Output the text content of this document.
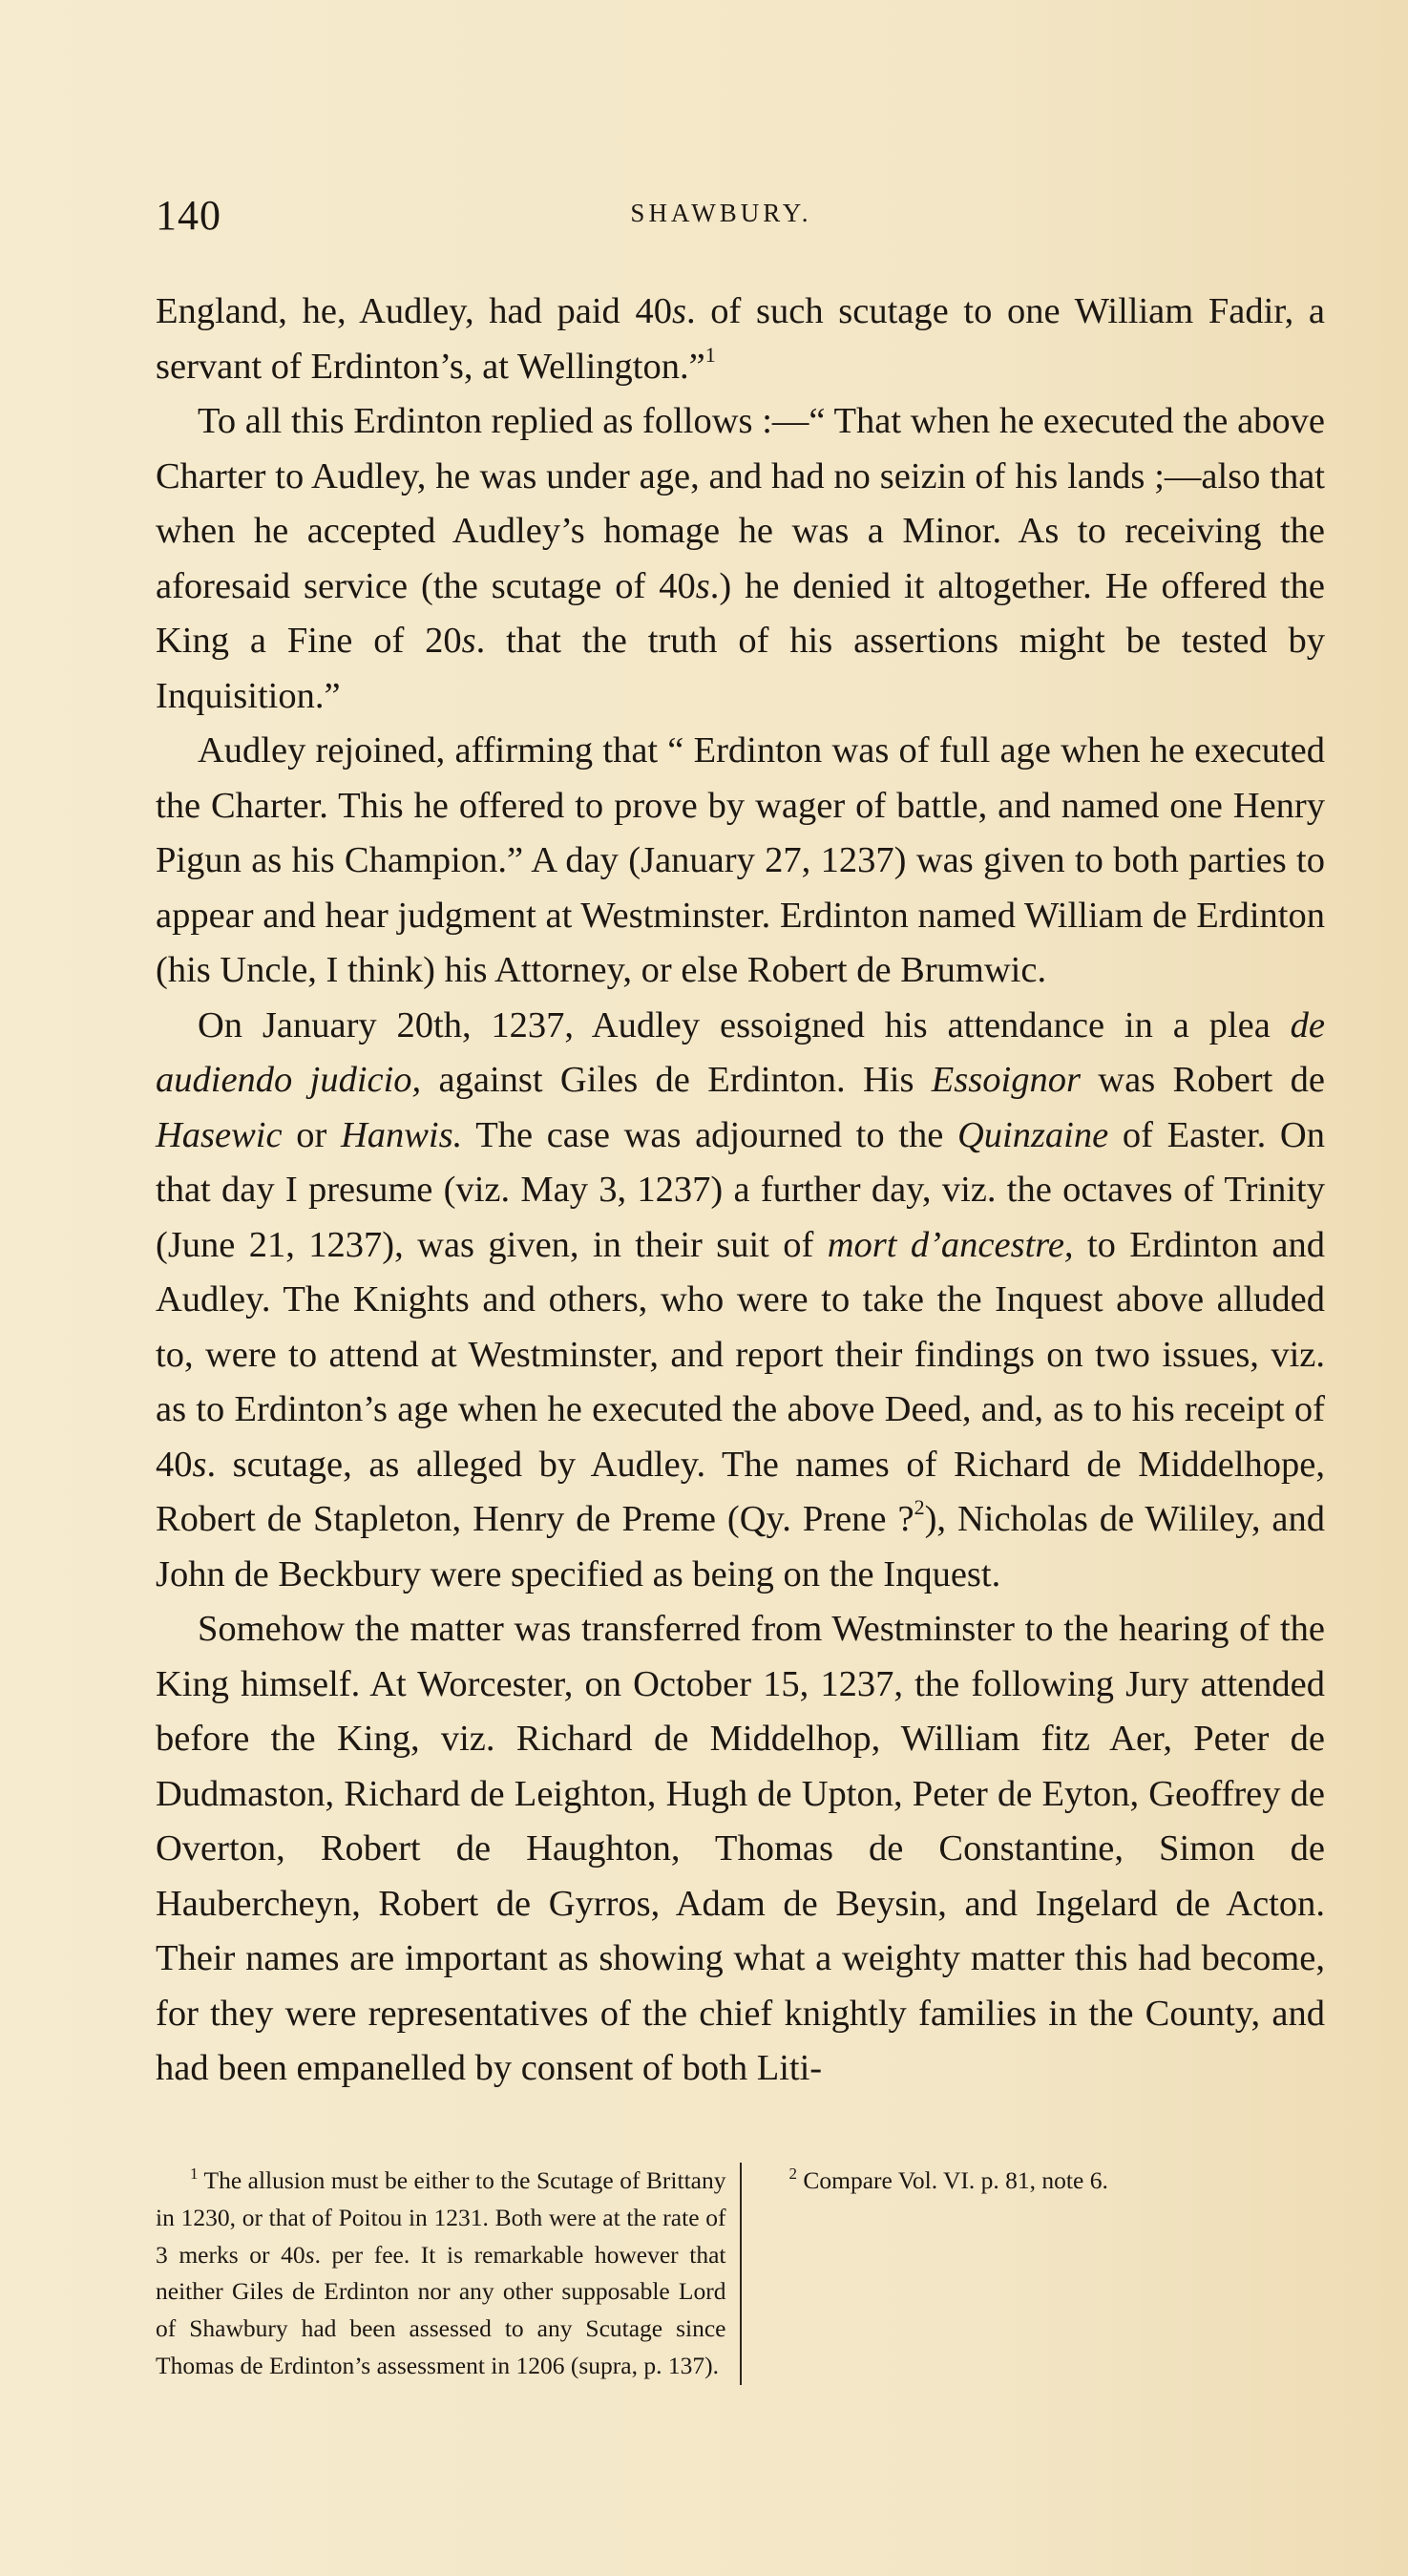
140	SHAWBURY.

England, he, Audley, had paid 40s. of such scutage to one William Fadir, a servant of Erdinton’s, at Wellington.”$^1$

To all this Erdinton replied as follows :—“ That when he executed the above Charter to Audley, he was under age, and had no seizin of his lands ;—also that when he accepted Audley’s homage he was a Minor. As to receiving the aforesaid service (the scutage of 40s.) he denied it altogether. He offered the King a Fine of 20s. that the truth of his assertions might be tested by Inquisition.”

Audley rejoined, affirming that “ Erdinton was of full age when he executed the Charter. This he offered to prove by wager of battle, and named one Henry Pigun as his Champion.” A day (January 27, 1237) was given to both parties to appear and hear judgment at Westminster. Erdinton named William de Erdinton (his Uncle, I think) his Attorney, or else Robert de Brumwic.

On January 20th, 1237, Audley essoigned his attendance in a plea de audiendo judicio, against Giles de Erdinton. His Essoignor was Robert de Hasewic or Hanwis. The case was adjourned to the Quinzaine of Easter. On that day I presume (viz. May 3, 1237) a further day, viz. the octaves of Trinity (June 21, 1237), was given, in their suit of mort d’ancestre, to Erdinton and Audley. The Knights and others, who were to take the Inquest above alluded to, were to attend at Westminster, and report their findings on two issues, viz. as to Erdinton’s age when he executed the above Deed, and, as to his receipt of 40s. scutage, as alleged by Audley. The names of Richard de Middelhope, Robert de Stapleton, Henry de Preme (Qy. Prene ?$^2$), Nicholas de Wililey, and John de Beckbury were specified as being on the Inquest.

Somehow the matter was transferred from Westminster to the hearing of the King himself. At Worcester, on October 15, 1237, the following Jury attended before the King, viz. Richard de Middelhop, William fitz Aer, Peter de Dudmaston, Richard de Leighton, Hugh de Upton, Peter de Eyton, Geoffrey de Overton, Robert de Haughton, Thomas de Constantine, Simon de Haubercheyn, Robert de Gyrros, Adam de Beysin, and Ingelard de Acton. Their names are important as showing what a weighty matter this had become, for they were representatives of the chief knightly families in the County, and had been empanelled by consent of both Liti-

$^1$ The allusion must be either to the Scutage of Brittany in 1230, or that of Poitou in 1231. Both were at the rate of 3 merks or 40s. per fee. It is remarkable however that neither Giles de Erdinton nor any other supposable Lord of Shawbury had been assessed to any Scutage since Thomas de Erdinton’s assessment in 1206 (supra, p. 137).

$^2$ Compare Vol. VI. p. 81, note 6.
